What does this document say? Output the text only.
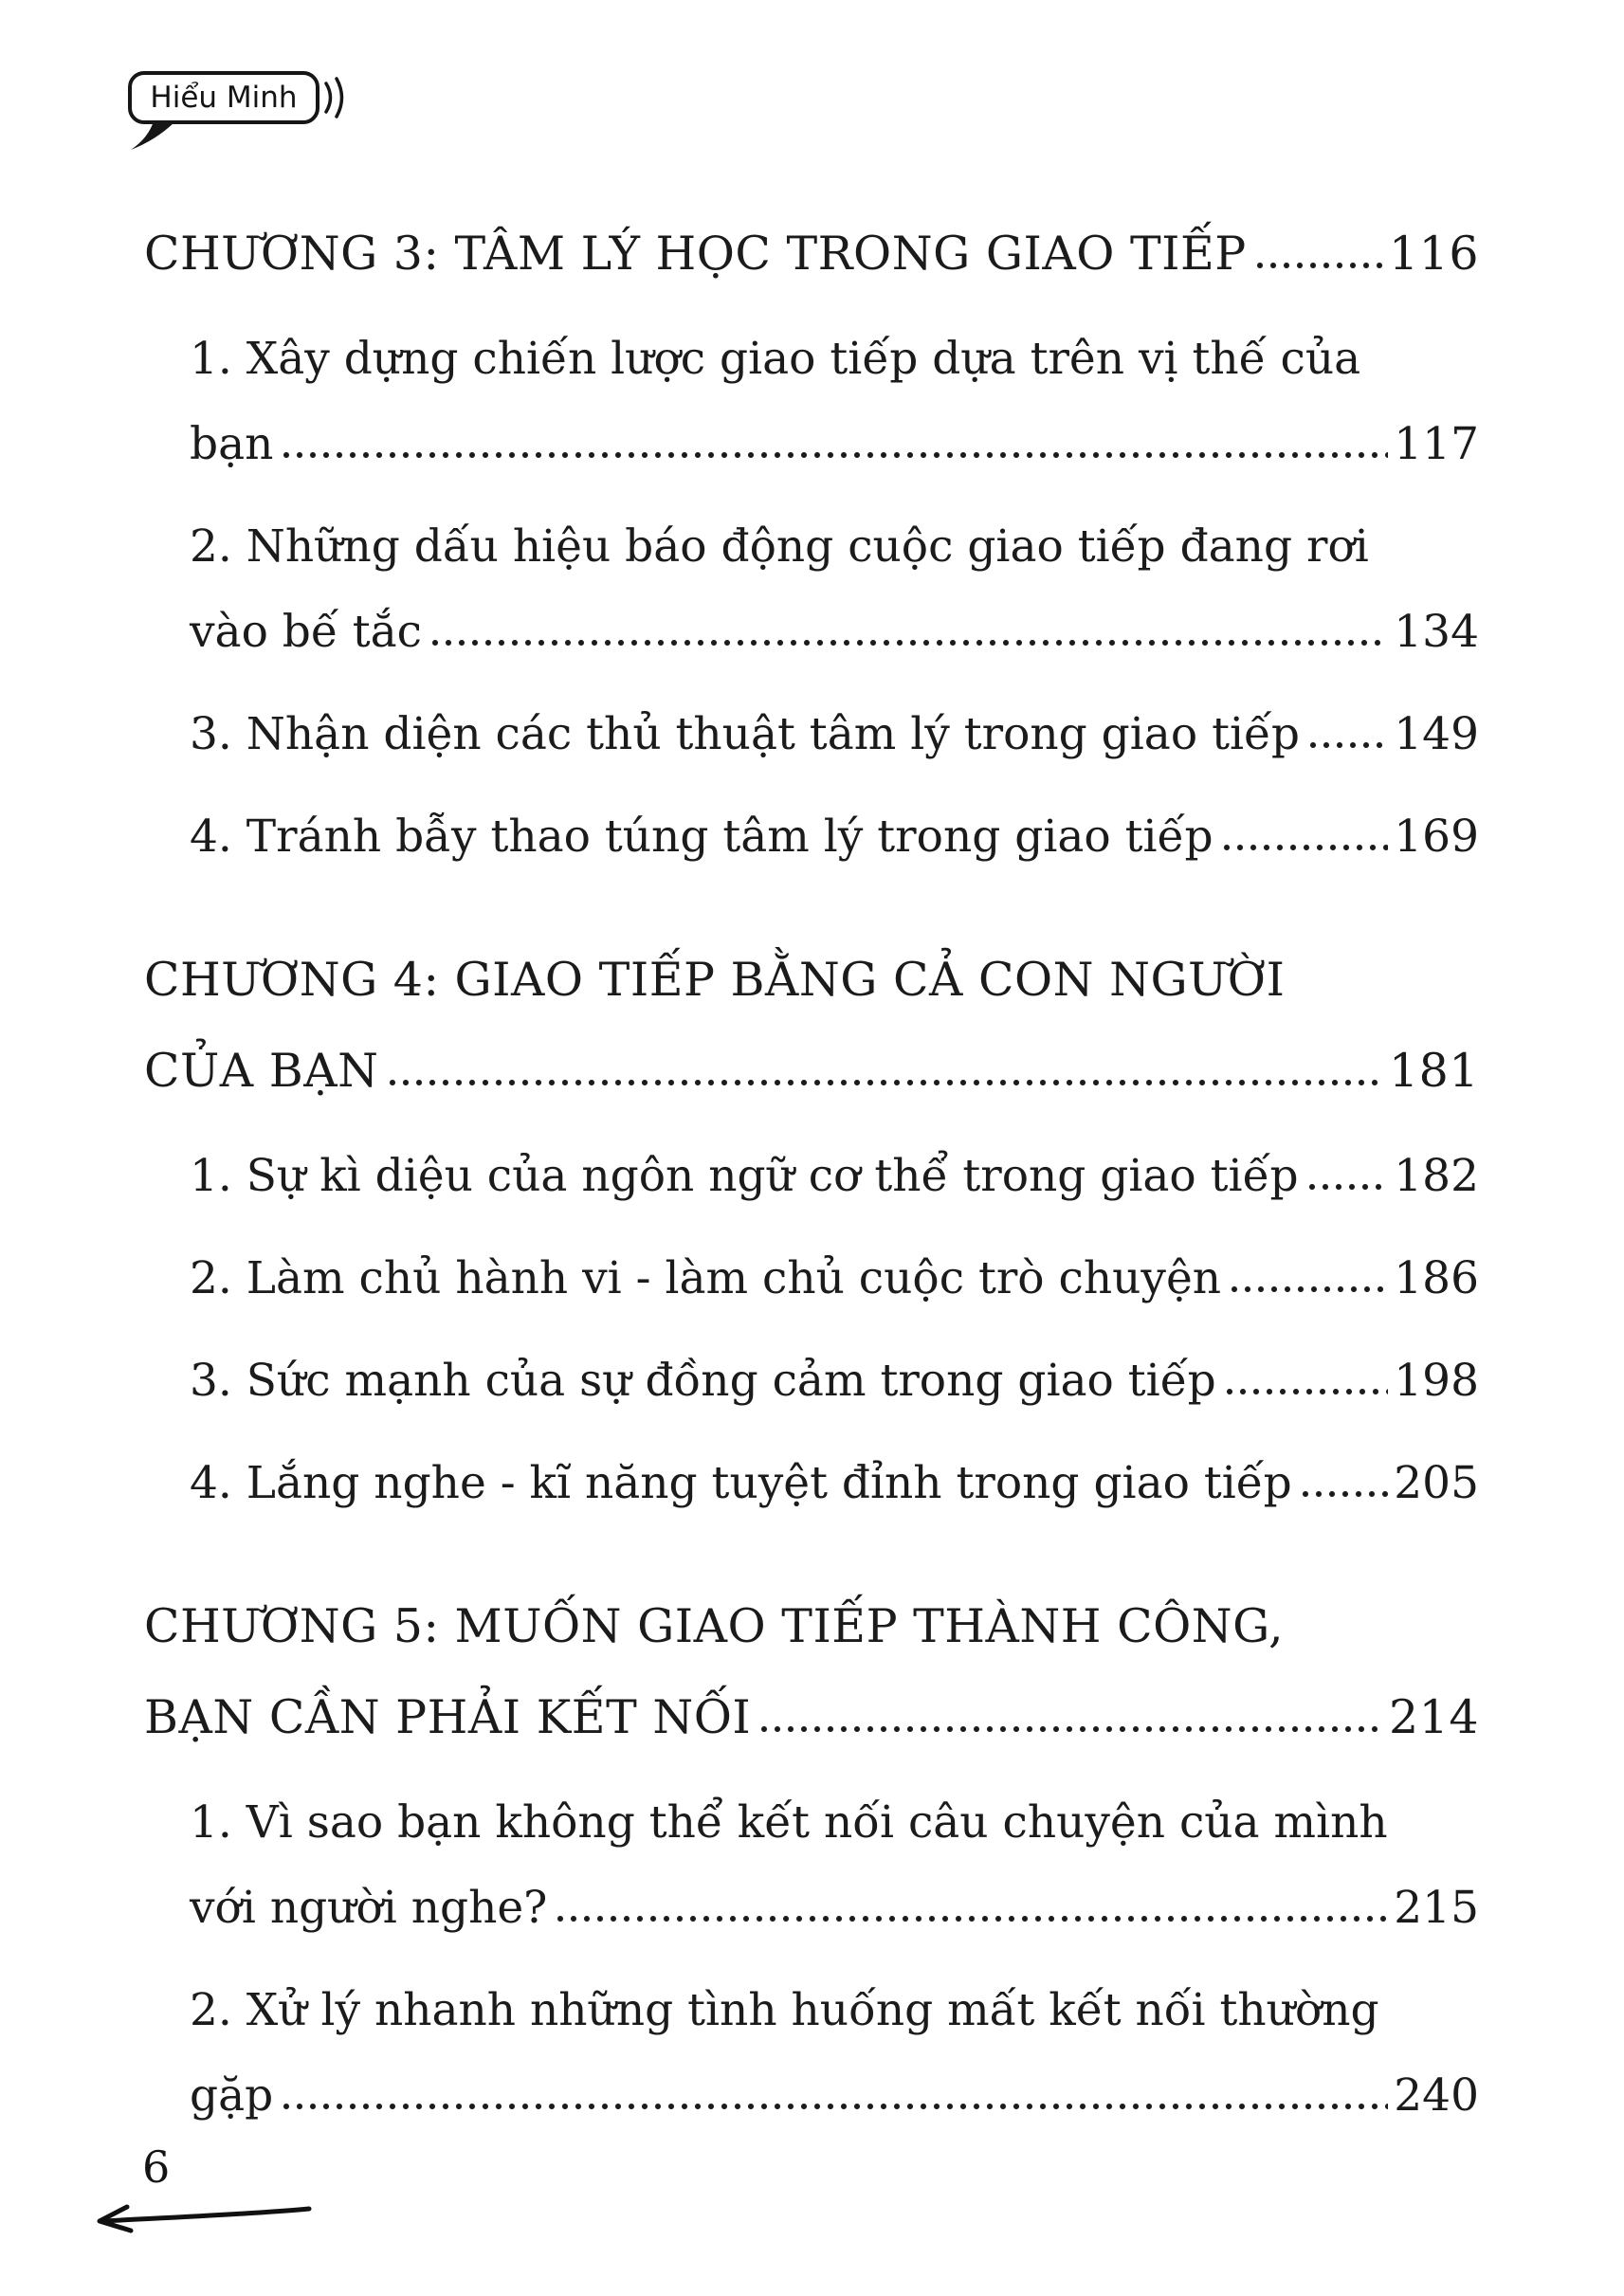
Hiểu Minh
CHƯƠNG 3: TÂM LÝ HỌC TRONG GIAO TIẾP	116
1. Xây dựng chiến lược giao tiếp dựa trên vị thế của
bạn	117
2. Những dấu hiệu báo động cuộc giao tiếp đang rơi
vào bế tắc	134
3. Nhận diện các thủ thuật tâm lý trong giao tiếp 149
4. Tránh bẫy thao túng tâm lý trong giao tiếp	169
CHƯƠNG 4: GIAO TIẾP BẰNG CẢ CON NGƯỜI
CỦA BẠN	181
1. Sự kì diệu của ngôn ngữ cơ thể trong giao tiếp 182
2. Làm chủ hành vi - làm chủ cuộc trò chuyện	186
3. Sức mạnh của sự đồng cảm trong giao tiếp	198
4. Lắng nghe - kĩ năng tuyệt đỉnh trong giao tiếp 205
CHƯƠNG 5: MUỐN GIAO TIẾP THÀNH CÔNG,
BẠN CẦN PHẢI KẾT NỐI	214
1. Vì sao bạn không thể kết nối câu chuyện của mình
với người nghe?	215
2. Xử lý nhanh những tình huống mất kết nối thường
gặp	240
6
